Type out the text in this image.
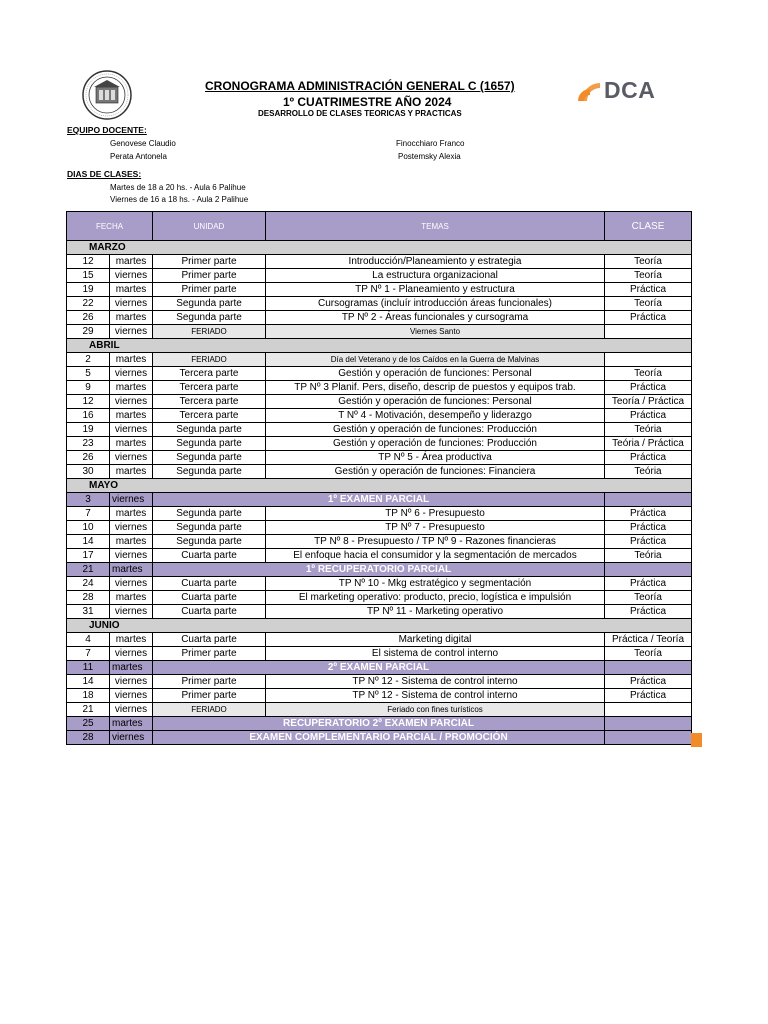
DCA
CRONOGRAMA ADMINISTRACIÓN GENERAL C (1657)
1º CUATRIMESTRE AÑO 2024
DESARROLLO DE CLASES TEORICAS Y PRACTICAS
EQUIPO DOCENTE:
Genovese Claudio
Perata Antonela
Finocchiaro Franco
Postemsky Alexia
DIAS DE CLASES:
Martes de 18 a 20 hs. - Aula 6 Palihue
Viernes de 16 a 18 hs. - Aula 2 Palihue
FECHA		UNIDAD	TEMAS	CLASE
MARZO				
12	martes	Primer parte	Introducción/Planeamiento y estrategia	Teoría
15	viernes	Primer parte	La estructura organizacional	Teoría
19	martes	Primer parte	TP Nº 1 - Planeamiento y estructura	Práctica
22	viernes	Segunda parte	Cursogramas (incluír introducción áreas funcionales)	Teoría
26	martes	Segunda parte	TP Nº 2 - Áreas funcionales y cursograma	Práctica
29	viernes	FERIADO	Viernes Santo	
ABRIL				
2	martes	FERIADO	Día del Veterano y de los Caídos en la Guerra de Malvinas	
5	viernes	Tercera parte	Gestión y operación de funciones: Personal	Teoría
9	martes	Tercera parte	TP Nº 3 Planif. Pers, diseño, descrip de puestos y equipos trab.	Práctica
12	viernes	Tercera parte	Gestión y operación de funciones: Personal	Teoría / Práctica
16	martes	Tercera parte	T Nº 4 - Motivación, desempeño y liderazgo	Práctica
19	viernes	Segunda parte	Gestión y operación de funciones: Producción	Teória
23	martes	Segunda parte	Gestión y operación de funciones: Producción	Teória / Práctica
26	viernes	Segunda parte	TP Nº 5 - Área productiva	Práctica
30	martes	Segunda parte	Gestión y operación de funciones: Financiera	Teória
MAYO				
3	viernes	1º EXAMEN PARCIAL		
7	martes	Segunda parte	TP Nº 6 - Presupuesto	Práctica
10	viernes	Segunda parte	TP Nº 7 - Presupuesto	Práctica
14	martes	Segunda parte	TP Nº 8 - Presupuesto / TP Nº 9 - Razones financieras	Práctica
17	viernes	Cuarta parte	El enfoque hacia el consumidor y la segmentación de mercados	Teória
21	martes	1º RECUPERATORIO PARCIAL		
24	viernes	Cuarta parte	TP Nº 10 - Mkg estratégico y segmentación	Práctica
28	martes	Cuarta parte	El marketing operativo: producto, precio, logística e impulsión	Teoría
31	viernes	Cuarta parte	TP Nº 11 - Marketing operativo	Práctica
JUNIO				
4	martes	Cuarta parte	Marketing digital	Práctica / Teoría
7	viernes	Primer parte	El sistema de control interno	Teoría
11	martes	2º EXAMEN PARCIAL		
14	viernes	Primer parte	TP Nº 12 - Sistema de control interno	Práctica
18	viernes	Primer parte	TP Nº 12 - Sistema de control interno	Práctica
21	viernes	FERIADO	Feriado con fines turísticos	
25	martes	RECUPERATORIO 2º EXAMEN PARCIAL		
28	viernes	EXAMEN COMPLEMENTARIO PARCIAL / PROMOCIÓN		
